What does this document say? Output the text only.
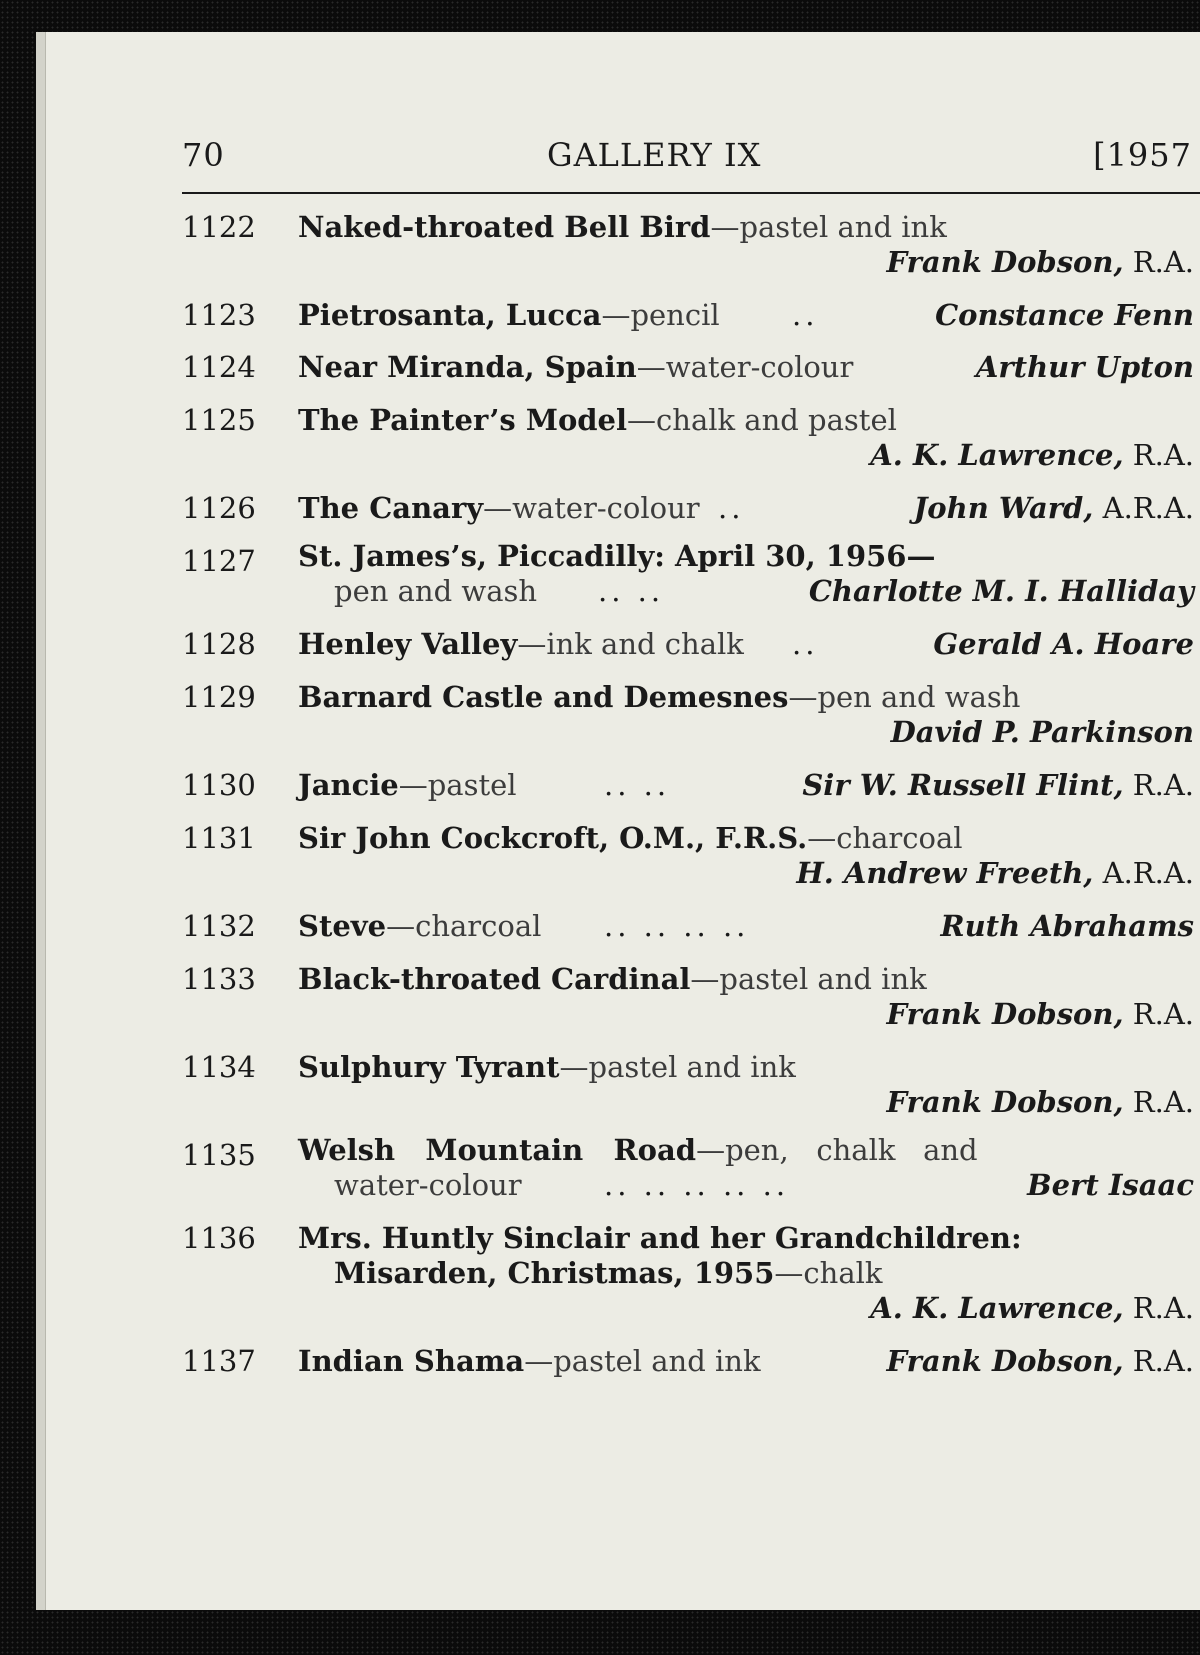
70	GALLERY IX	[1957
1122 Naked-throated Bell Bird—pastel and ink
Frank Dobson, R.A.
1123 Pietrosanta, Lucca—pencil ..	Constance Fenn
1124 Near Miranda, Spain—water-colour	Arthur Upton
1125 The Painter’s Model—chalk and pastel
A. K. Lawrence, R.A.
1126 The Canary—water-colour ..	John Ward, A.R.A.
1127 St. James’s, Piccadilly: April 30, 1956—
pen and wash .. ..	Charlotte M. I. Halliday
1128 Henley Valley—ink and chalk ..	Gerald A. Hoare
1129 Barnard Castle and Demesnes—pen and wash
David P. Parkinson
1130 Jancie—pastel	.. ..	Sir W. Russell Flint, R.A.
1131 Sir John Cockcroft, O.M., F.R.S.—charcoal
H. Andrew Freeth, A.R.A.
1132 Steve—charcoal .. .. .. ..	Ruth Abrahams
1133 Black-throated Cardinal—pastel and ink
Frank Dobson, R.A.
1134 Sulphury Tyrant—pastel and ink
Frank Dobson, R.A.
1135 Welsh   Mountain   Road—pen,   chalk   and
water-colour	.. .. .. .. ..	Bert Isaac
1136 Mrs. Huntly Sinclair and her Grandchildren:
Misarden, Christmas, 1955—chalk
A. K. Lawrence, R.A.
1137 Indian Shama—pastel and ink	Frank Dobson, R.A.
